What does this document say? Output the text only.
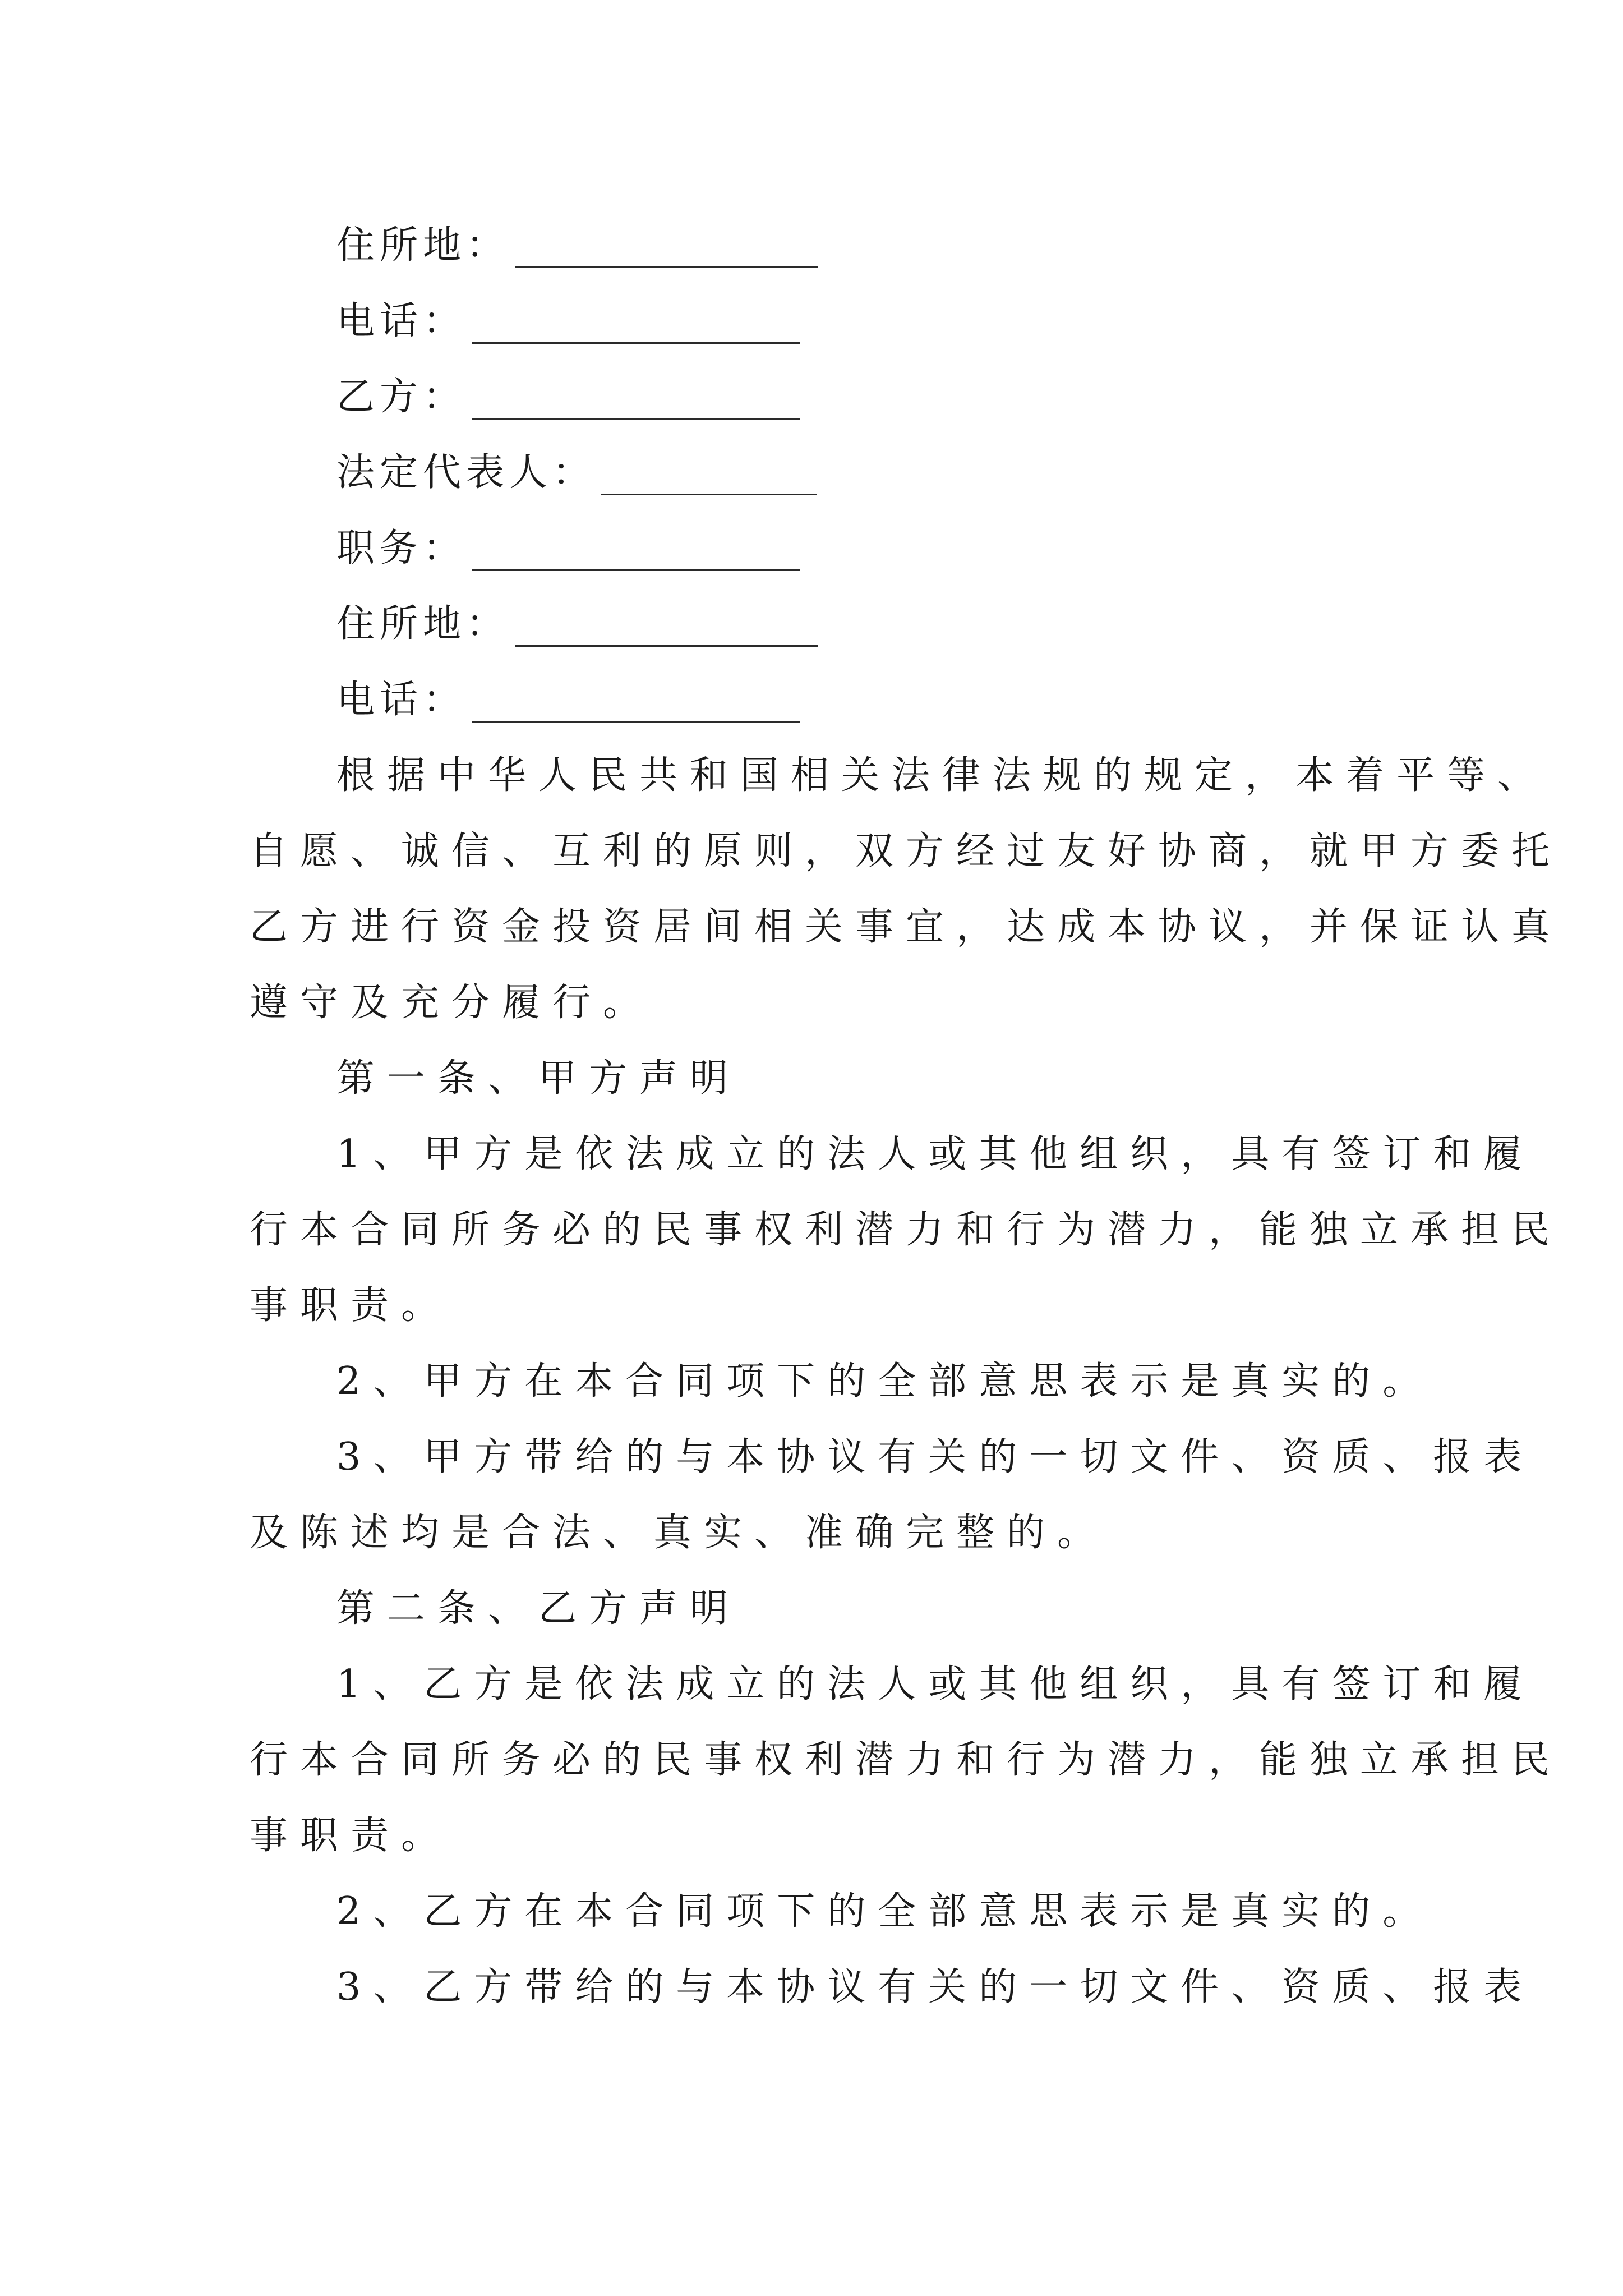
住所地：
电话：
乙方：
法定代表人：
职务：
住所地：
电话：
根据中华人民共和国相关法律法规的规定，本着平等、
自愿、诚信、互利的原则，双方经过友好协商，就甲方委托
乙方进行资金投资居间相关事宜，达成本协议，并保证认真
遵守及充分履行。
第一条、甲方声明
1、甲方是依法成立的法人或其他组织，具有签订和履
行本合同所务必的民事权利潜力和行为潜力，能独立承担民
事职责。
2、甲方在本合同项下的全部意思表示是真实的。
3、甲方带给的与本协议有关的一切文件、资质、报表
及陈述均是合法、真实、准确完整的。
第二条、乙方声明
1、乙方是依法成立的法人或其他组织，具有签订和履
行本合同所务必的民事权利潜力和行为潜力，能独立承担民
事职责。
2、乙方在本合同项下的全部意思表示是真实的。
3、乙方带给的与本协议有关的一切文件、资质、报表
